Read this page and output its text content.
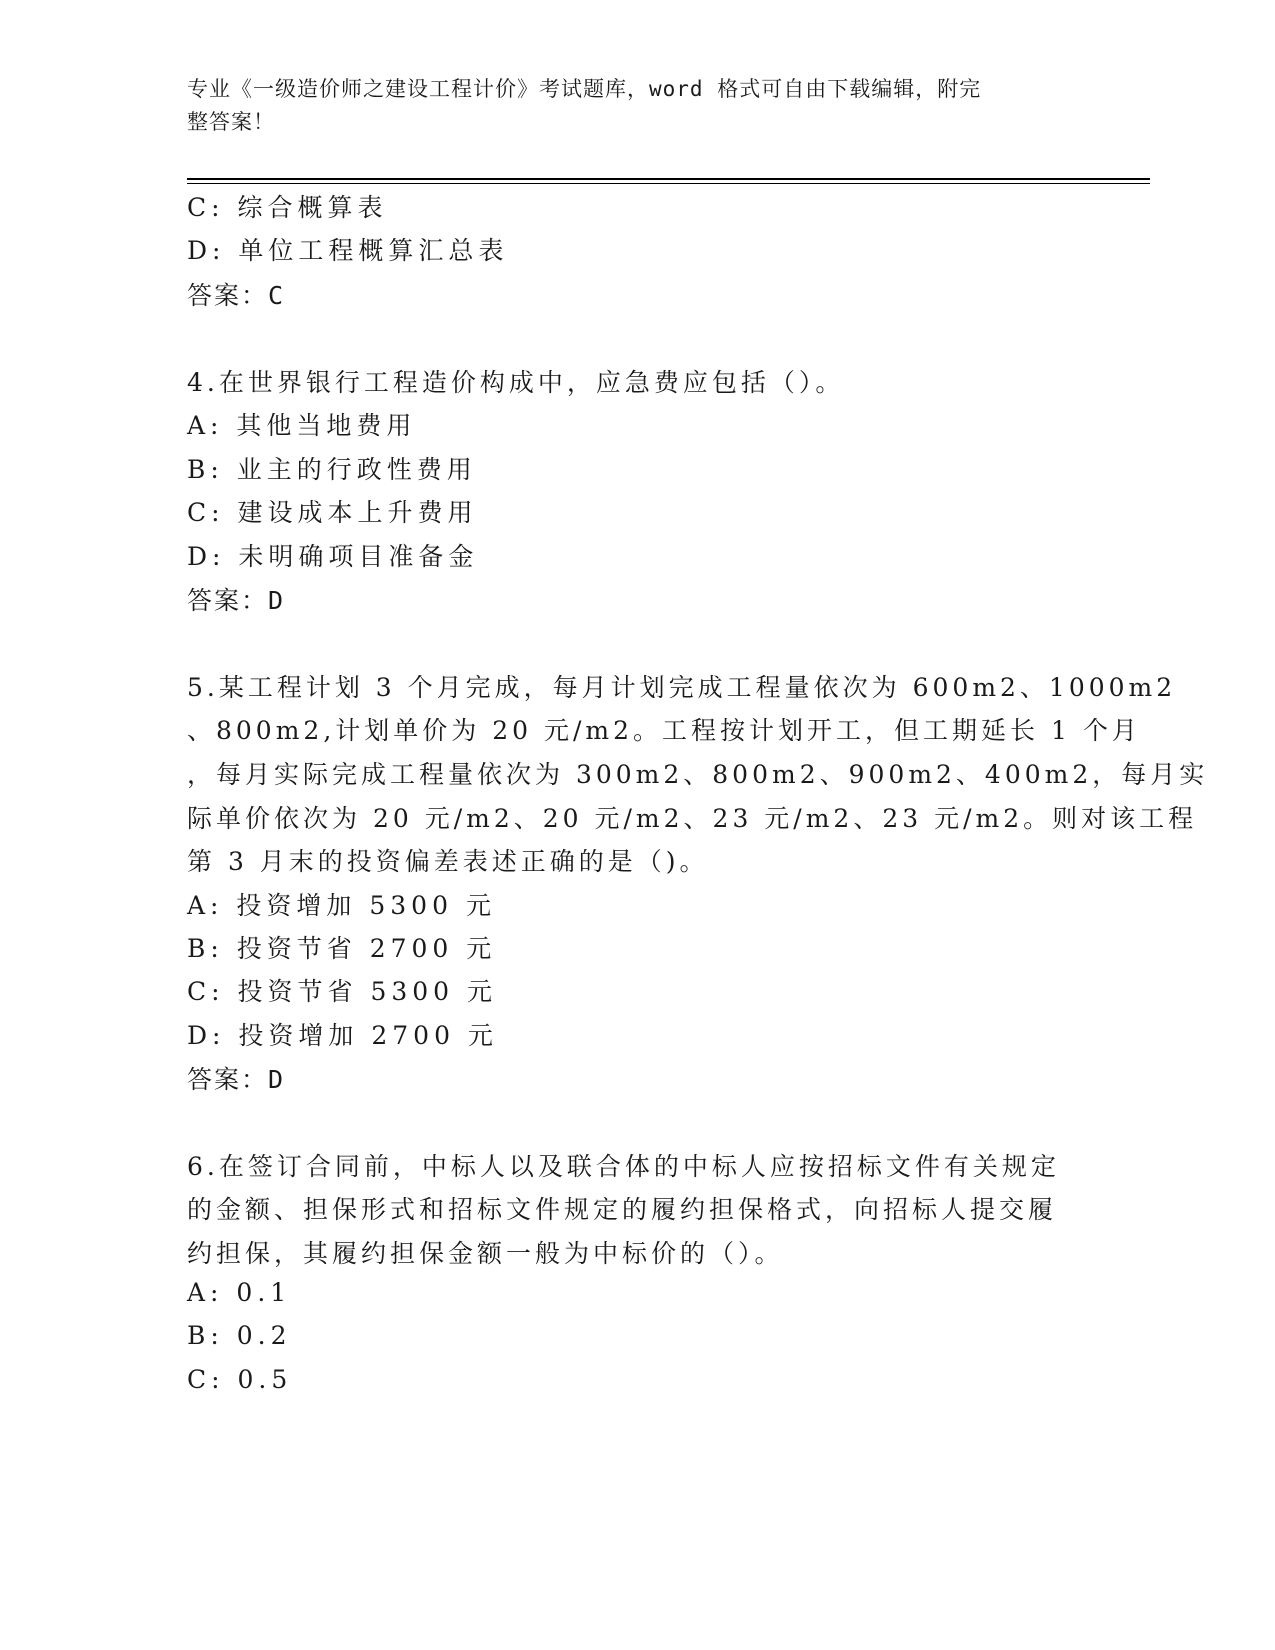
专业《一级造价师之建设工程计价》考试题库，word 格式可自由下载编辑，附完
整答案！
C: 综合概算表
D: 单位工程概算汇总表
答案：C
4.在世界银行工程造价构成中，应急费应包括（）。
A: 其他当地费用
B: 业主的行政性费用
C: 建设成本上升费用
D: 未明确项目准备金
答案：D
5.某工程计划 3 个月完成，每月计划完成工程量依次为 600m2、1000m2
、800m2,计划单价为 20 元/m2。工程按计划开工，但工期延长 1 个月
，每月实际完成工程量依次为 300m2、800m2、900m2、400m2，每月实
际单价依次为 20 元/m2、20 元/m2、23 元/m2、23 元/m2。则对该工程
第 3 月末的投资偏差表述正确的是（)。
A: 投资增加 5300 元
B: 投资节省 2700 元
C: 投资节省 5300 元
D: 投资增加 2700 元
答案：D
6.在签订合同前，中标人以及联合体的中标人应按招标文件有关规定
的金额、担保形式和招标文件规定的履约担保格式，向招标人提交履
约担保，其履约担保金额一般为中标价的（）。
A: 0.1
B: 0.2
C: 0.5
